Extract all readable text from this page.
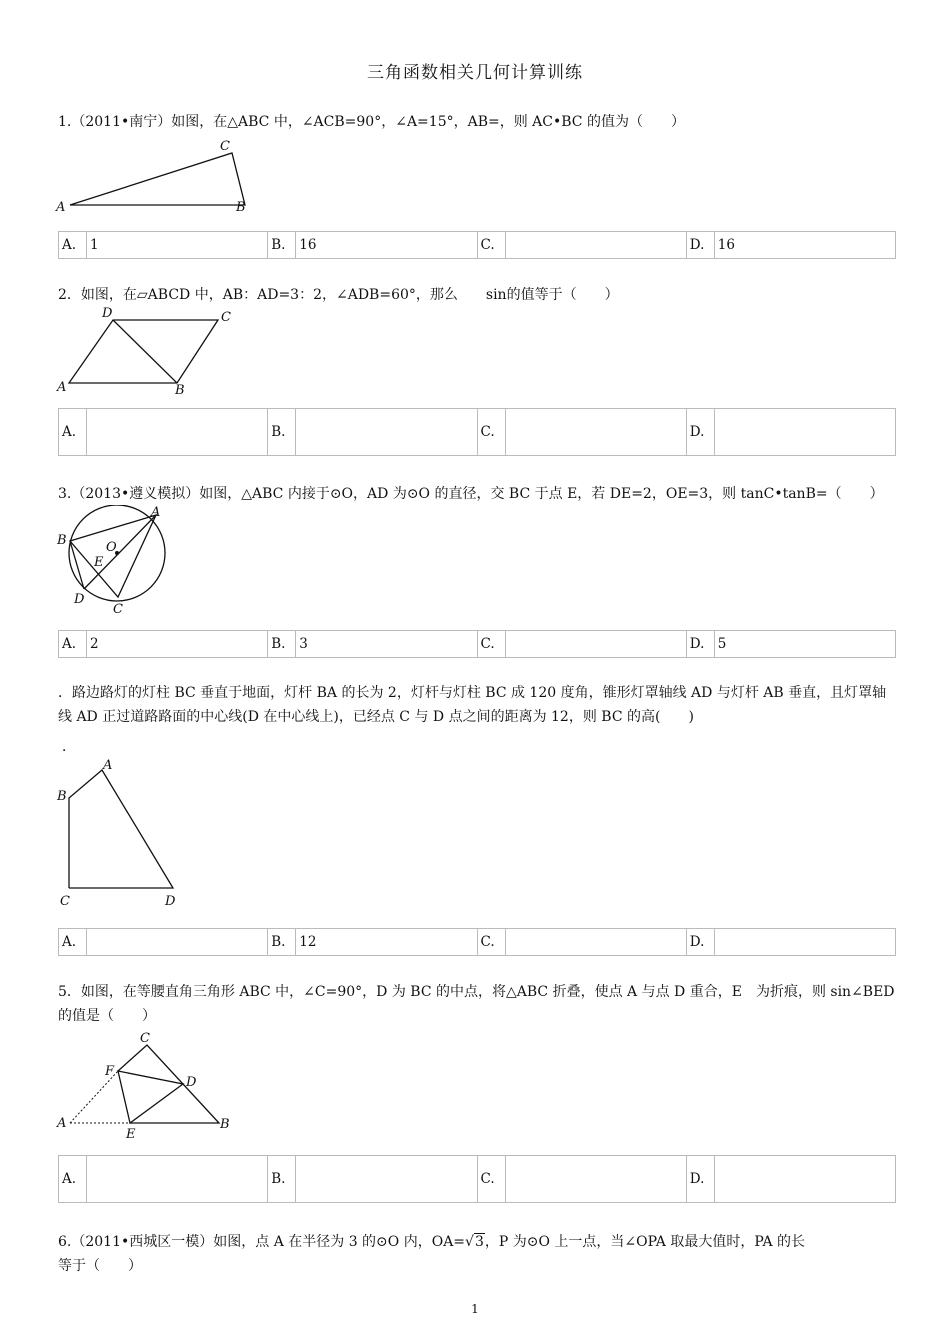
三角函数相关几何计算训练
1.（2011•南宁）如图，在△ABC 中，∠ACB=90°，∠A=15°，AB=，则 AC•BC 的值为（　　）
A	B
C
A.	1	B.	16	C.	D. 16
2．如图，在▱ABCD 中，AB：AD=3：2，∠ADB=60°，那么　　sin的值等于（　　）
D	C
A	B
A.	B.	C.	D.
3.（2013•遵义模拟）如图，△ABC 内接于⊙O，AD 为⊙O 的直径，交 BC 于点 E，若 DE=2，OE=3，则 tanC•tanB=（　　）
A
B	O
E
D
C
A.	2	B.	3	C.	D. 5
．路边路灯的灯柱 BC 垂直于地面，灯杆 BA 的长为 2，灯杆与灯柱 BC 成 120 度角，锥形灯罩轴线 AD 与灯杆 AB 垂直，且灯罩轴线 AD 正过道路路面的中心线(D 在中心线上)，已经点 C 与 D 点之间的距离为 12，则 BC 的高(　　)
．
A
B
C	D
A.	B.	12	C.	D.
5．如图，在等腰直角三角形 ABC 中，∠C=90°，D 为 BC 的中点，将△ABC 折叠，使点 A 与点 D 重合，E　为折痕，则 sin∠BED 的值是（　　）
C
F
D
A
E
B
A.	B.	C.	D.
6.（2011•西城区一模）如图，点 A 在半径为 3 的⊙O 内，OA=√3，P 为⊙O 上一点，当∠OPA 取最大值时，PA 的长
等于（　　）
1
